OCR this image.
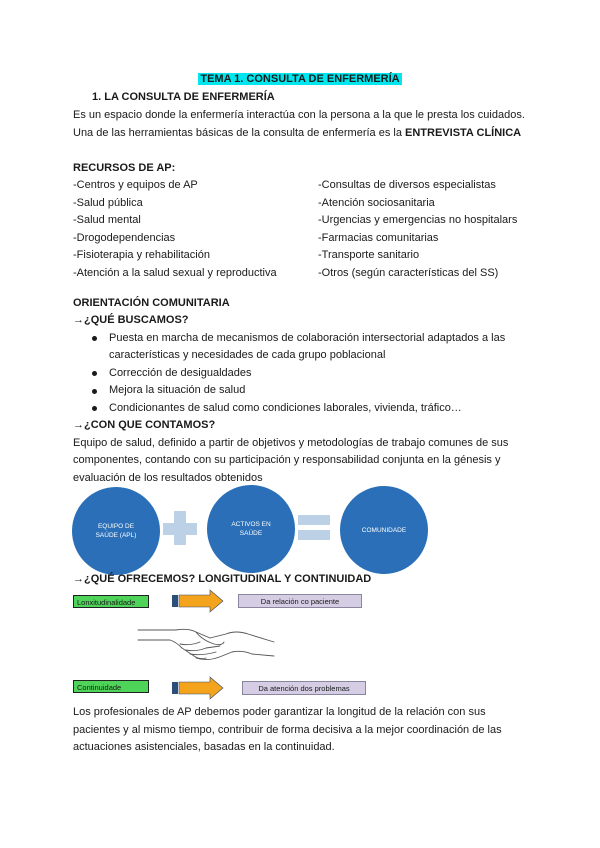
TEMA 1. CONSULTA DE ENFERMERÍA
1. LA CONSULTA DE ENFERMERÍA
Es un espacio donde la enfermería interactúa con la persona a la que le presta los cuidados.
Una de las herramientas básicas de la consulta de enfermería es la ENTREVISTA CLÍNICA
RECURSOS DE AP:
-Centros y equipos de AP
-Salud pública
-Salud mental
-Drogodependencias
-Fisioterapia y rehabilitación
-Atención a la salud sexual y reproductiva
-Consultas de diversos especialistas
-Atención sociosanitaria
-Urgencias y emergencias no hospitalars
-Farmacias comunitarias
-Transporte sanitario
-Otros (según características del SS)
ORIENTACIÓN COMUNITARIA
→¿QUÉ BUSCAMOS?
Puesta en marcha de mecanismos de colaboración intersectorial adaptados a las
características y necesidades de cada grupo poblacional
Corrección de desigualdades
Mejora la situación de salud
Condicionantes de salud como condiciones laborales, vivienda, tráfico…
→¿CON QUE CONTAMOS?
Equipo de salud, definido a partir de objetivos y metodologías de trabajo comunes de sus
componentes, contando con su participación y responsabilidad conjunta en la génesis y
evaluación de los resultados obtenidos
EQUIPO DE SAÚDE (APL)
ACTIVOS EN SAÚDE	COMUNIDADE
→¿QUÉ OFRECEMOS? LONGITUDINAL Y CONTINUIDAD
Lonxitudinalidade	Da relación co paciente
Continuidade	Da atención dos problemas
Los profesionales de AP debemos poder garantizar la longitud de la relación con sus
pacientes y al mismo tiempo, contribuir de forma decisiva a la mejor coordinación de las
actuaciones asistenciales, basadas en la continuidad.
